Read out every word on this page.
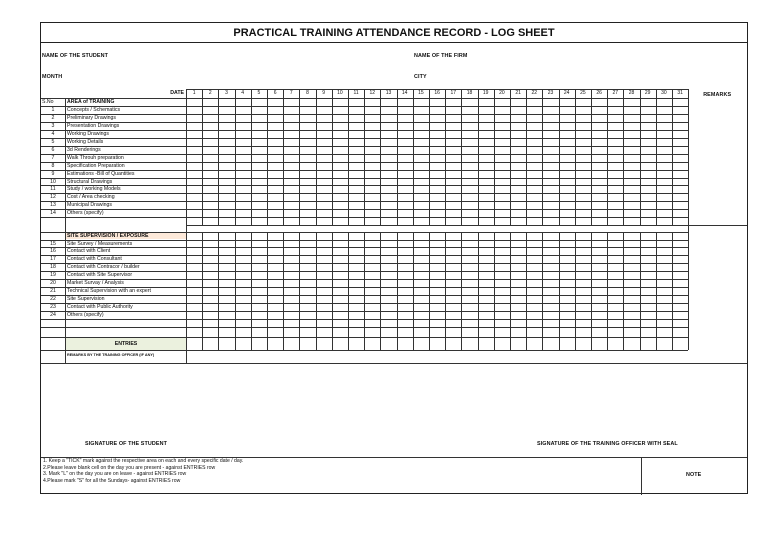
PRACTICAL TRAINING ATTENDANCE RECORD - LOG SHEET
NAME OF THE STUDENT	NAME OF THE FIRM
MONTH	CITY
DATE	1	2	3	4	5	6	7	8	9	10	11	12	13	14	15	16	17	18	19	20	21	22	23	24	25	26	27	28	29	30	31	REMARKS
S.No	AREA of TRAINING
1	Concepts / Schematics
2	Preliminary Drawings
3	Presentation Drawings
4	Working Drawings
5	Working Details
6	3d Renderings
7	Walk Throuh preparation
8	Specification Preparation
9	Estimations -Bill of Quantities
10	Structural Drawings
11	Study / working Models
12	Cost / Area checking
13	Municipal Drawings
14	Others (specify)
SITE SUPERVISION / EXPOSURE
15	Site Survey / Measurements
16	Contact with Client
17	Contact with Consultant
18	Contact with Contracor / builder
19	Contact with Site Supervisor
20	Market Survay / Analysis
21	Technical Supervision with an expert
22	Site Supervision
23	Contact with Public Authority
24	Others (specify)
ENTRIES
REMARKS BY THE TRAINING OFFICER (IF ANY)
SIGNATURE OF THE STUDENT	SIGNATURE OF THE TRAINING OFFICER WITH SEAL
1. Keep a "TICK" mark against the respective area on each and every specific date / day.
2.Please leave blank cell on the day you are present - against ENTRIES row
3. Mark "L" on the day you are on leave - against ENTRIES row
4.Please mark "S" for all the Sundays- against ENTRIES row
NOTE
